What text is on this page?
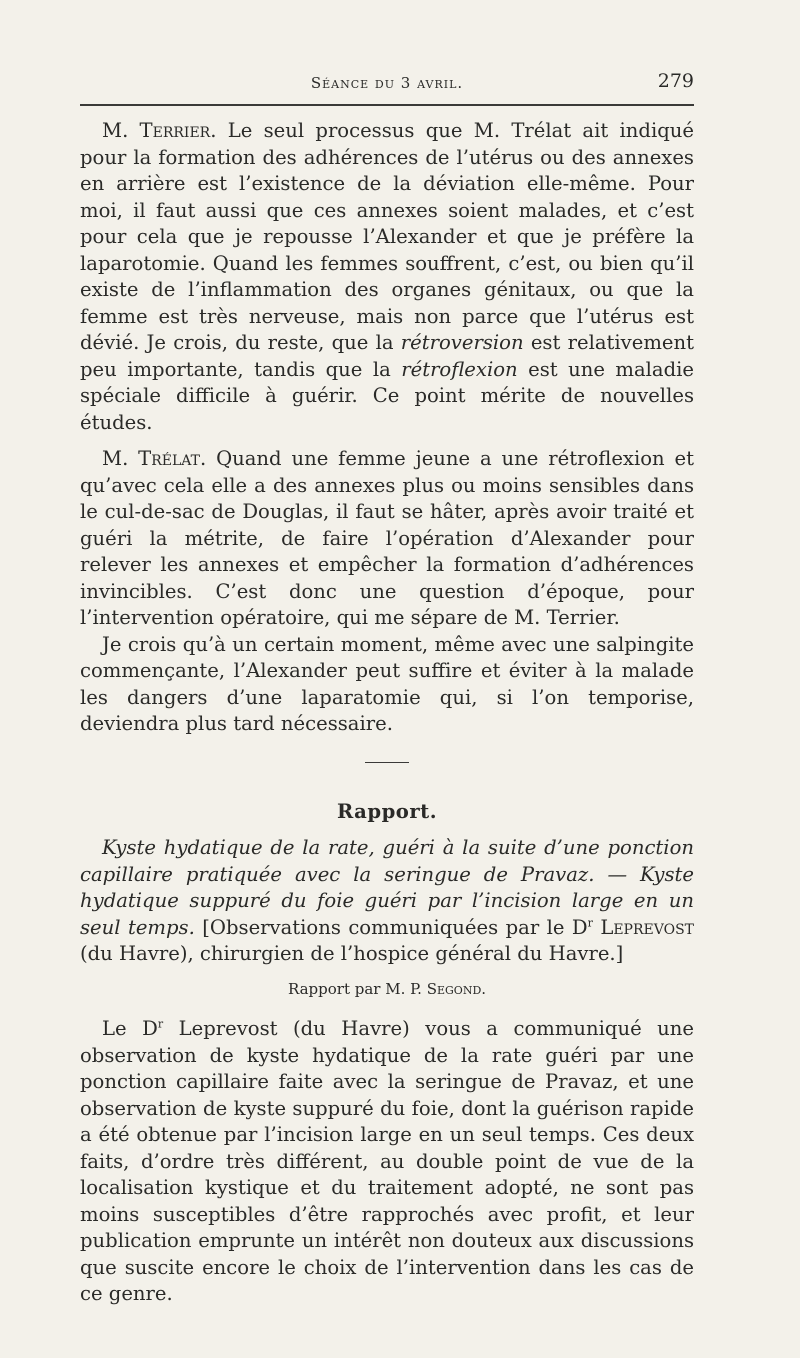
Séance du 3 avril.	279

M. Terrier. Le seul processus que M. Trélat ait indiqué pour la formation des adhérences de l’utérus ou des annexes en arrière est l’existence de la déviation elle-même. Pour moi, il faut aussi que ces annexes soient malades, et c’est pour cela que je repousse l’Alexander et que je préfère la laparotomie. Quand les femmes souffrent, c’est, ou bien qu’il existe de l’inflammation des organes génitaux, ou que la femme est très nerveuse, mais non parce que l’utérus est dévié. Je crois, du reste, que la rétroversion est relativement peu importante, tandis que la rétroflexion est une maladie spéciale difficile à guérir. Ce point mérite de nouvelles études.

M. Trélat. Quand une femme jeune a une rétroflexion et qu’avec cela elle a des annexes plus ou moins sensibles dans le cul-de-sac de Douglas, il faut se hâter, après avoir traité et guéri la métrite, de faire l’opération d’Alexander pour relever les annexes et empêcher la formation d’adhérences invincibles. C’est donc une question d’époque, pour l’intervention opératoire, qui me sépare de M. Terrier.

Je crois qu’à un certain moment, même avec une salpingite commençante, l’Alexander peut suffire et éviter à la malade les dangers d’une laparatomie qui, si l’on temporise, deviendra plus tard nécessaire.

Rapport.

Kyste hydatique de la rate, guéri à la suite d’une ponction capillaire pratiquée avec la seringue de Pravaz. — Kyste hydatique suppuré du foie guéri par l’incision large en un seul temps. [Observations communiquées par le $D^r$ Leprevost (du Havre), chirurgien de l’hospice général du Havre.]

Rapport par M. P. Segond.

Le $D^r$ Leprevost (du Havre) vous a communiqué une observation de kyste hydatique de la rate guéri par une ponction capillaire faite avec la seringue de Pravaz, et une observation de kyste suppuré du foie, dont la guérison rapide a été obtenue par l’incision large en un seul temps. Ces deux faits, d’ordre très différent, au double point de vue de la localisation kystique et du traitement adopté, ne sont pas moins susceptibles d’être rapprochés avec profit, et leur publication emprunte un intérêt non douteux aux discussions que suscite encore le choix de l’intervention dans les cas de ce genre.
